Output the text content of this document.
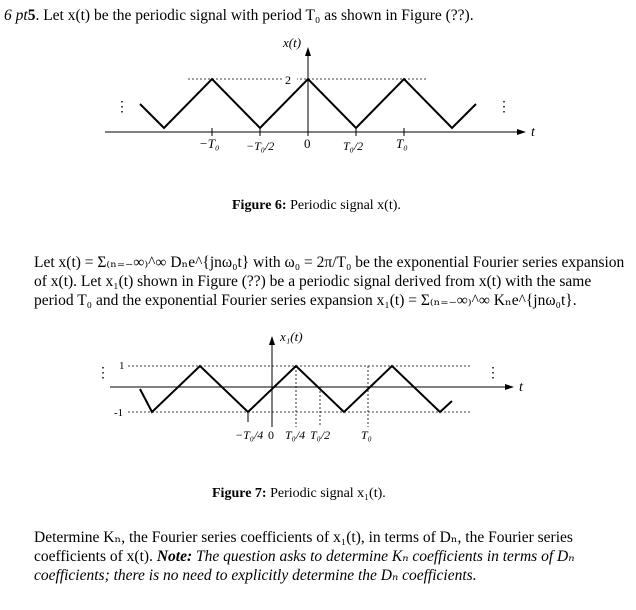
6 pt5. Let x(t) be the periodic signal with period T₀ as shown in Figure (??).
x(t)
2
t
⋮	⋮
−T₀ −T₀/2 0	T₀/2	T₀
Figure 6: Periodic signal x(t).
Let x(t) = Σ₍ₙ₌₋∞₎^∞ Dₙe^{jnω₀t} with ω₀ = 2π/T₀ be the exponential Fourier series expansion
of x(t). Let x₁(t) shown in Figure (??) be a periodic signal derived from x(t) with the same
period T₀ and the exponential Fourier series expansion x₁(t) = Σ₍ₙ₌₋∞₎^∞ Kₙe^{jnω₀t}.
x₁(t)
1
-1
t
⋮	⋮
−T₀/4 0 T₀/4 T₀/2	T₀
Figure 7: Periodic signal x₁(t).
Determine Kₙ, the Fourier series coefficients of x₁(t), in terms of Dₙ, the Fourier series
coefficients of x(t). Note: The question asks to determine Kₙ coefficients in terms of Dₙ
coefficients; there is no need to explicitly determine the Dₙ coefficients.
